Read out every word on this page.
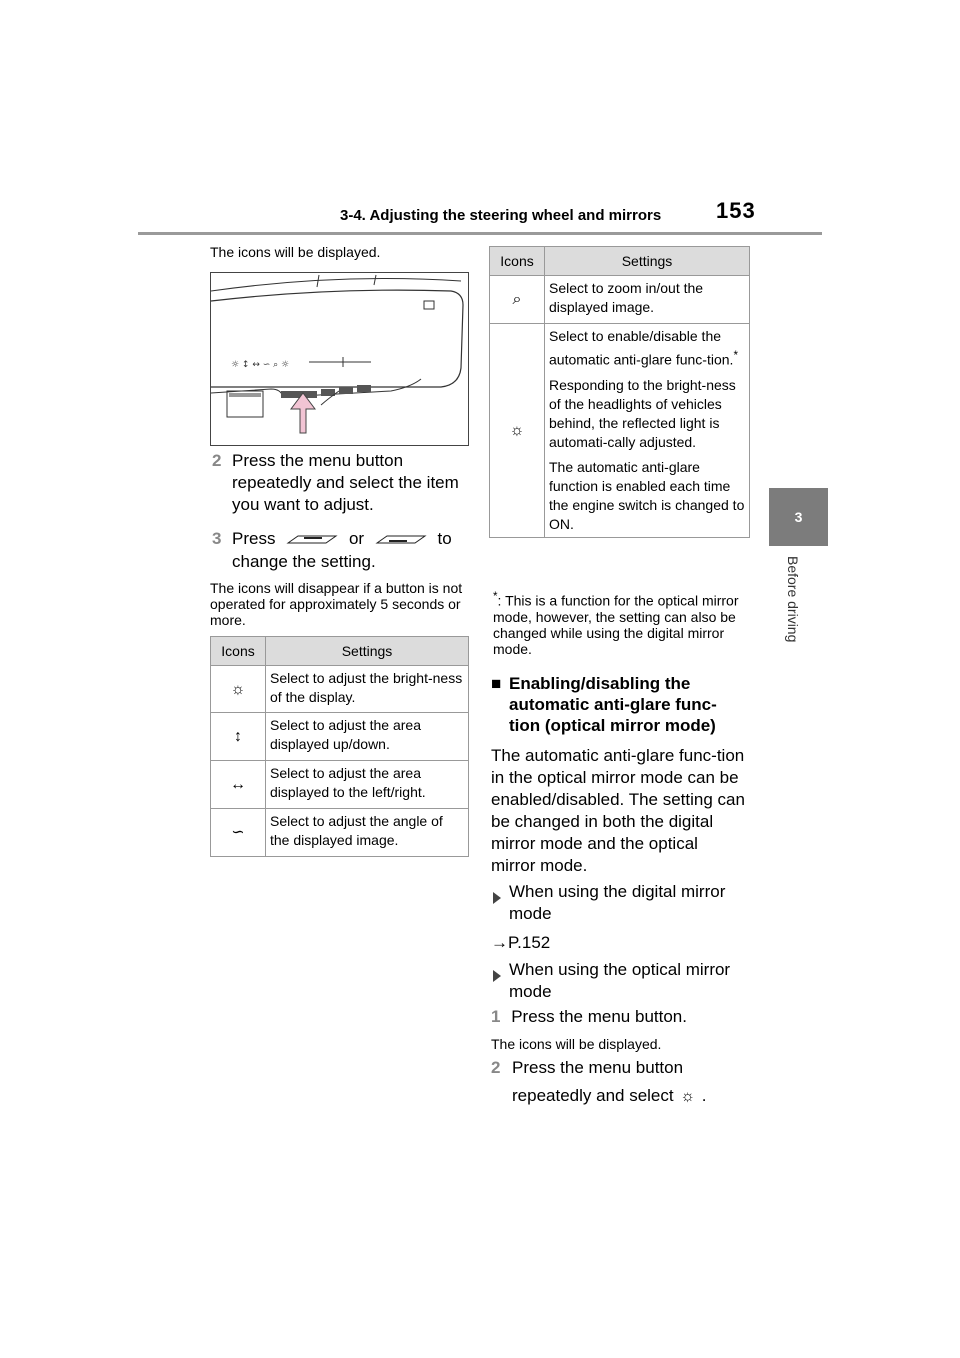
3-4. Adjusting the steering wheel and mirrors 153
3
Before driving
The icons will be displayed.
☼ ↕ ↔ ∽ ⌕ ☼
2 Press the menu button repeatedly and select the item you want to adjust.
3 Press	or	to
change the setting.
The icons will disappear if a button is not operated for approximately 5 seconds or more.
Icons	Settings
☼	Select to adjust the bright-ness of the display.
↕	Select to adjust the area displayed up/down.
↔	Select to adjust the area displayed to the left/right.
∽	Select to adjust the angle of the displayed image.
Icons	Settings
⌕	Select to zoom in/out the displayed image.
☼	Select to enable/disable the automatic anti-glare func-tion.*
Responding to the bright-ness of the headlights of vehicles behind, the reflected light is automati-cally adjusted.
The automatic anti-glare function is enabled each time the engine switch is changed to ON.
*: This is a function for the optical mirror mode, however, the setting can also be changed while using the digital mirror mode.
■ Enabling/disabling the automatic anti-glare func-tion (optical mirror mode)
The automatic anti-glare func-tion in the optical mirror mode can be enabled/disabled. The setting can be changed in both the digital mirror mode and the optical mirror mode.
When using the digital mirror mode
→P.152
When using the optical mirror mode
1 Press the menu button.
The icons will be displayed.
2 Press the menu button
repeatedly and select ☼ .
